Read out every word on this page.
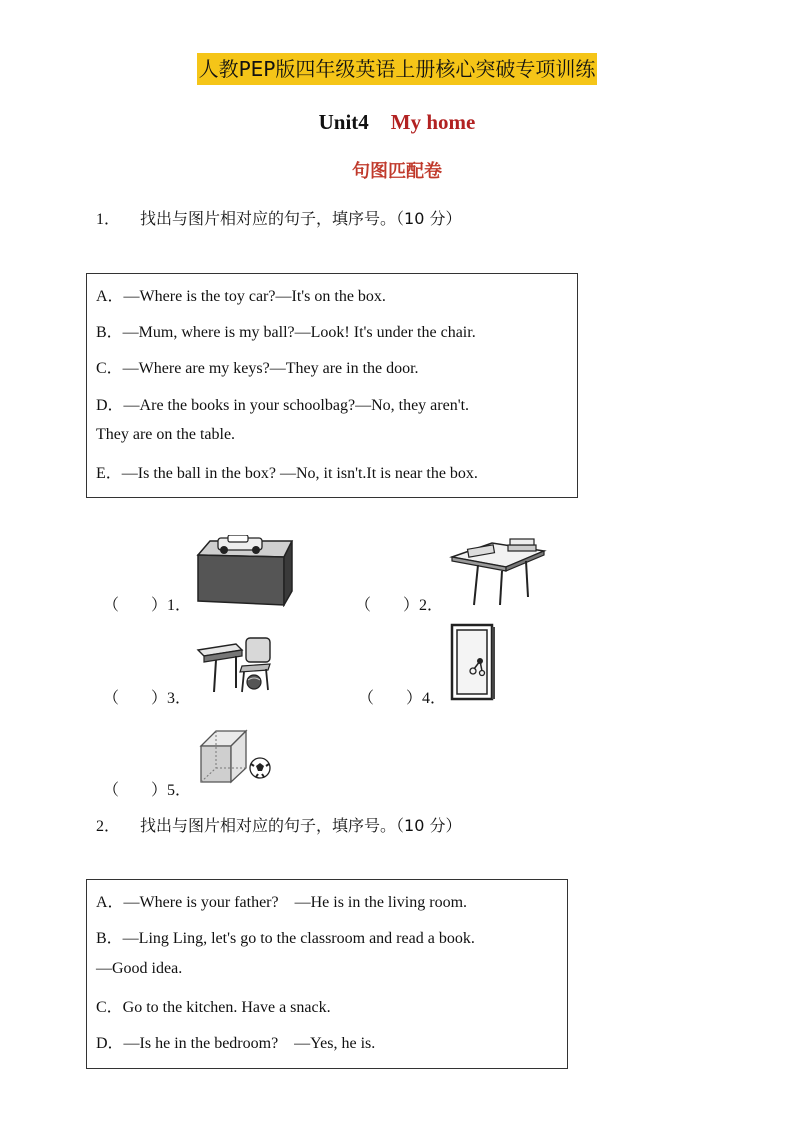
人教PEP版四年级英语上册核心突破专项训练
Unit4 My home
句图匹配卷
1． 找出与图片相对应的句子，填序号。（10 分）
A．—Where is the toy car?—It's on the box.
B．—Mum, where is my ball?—Look! It's under the chair.
C．—Where are my keys?—They are in the door.
D．—Are the books in your schoolbag?—No, they aren't.
They are on the table.
E．—Is the ball in the box? —No, it isn't.It is near the box.
（　　）1．	（　　）2．
（　　）3．	（　　）4．
（　　）5．
2． 找出与图片相对应的句子，填序号。（10 分）
A．—Where is your father?　—He is in the living room.
B．—Ling Ling, let's go to the classroom and read a book.
—Good idea.
C．Go to the kitchen. Have a snack.
D．—Is he in the bedroom?　—Yes, he is.
